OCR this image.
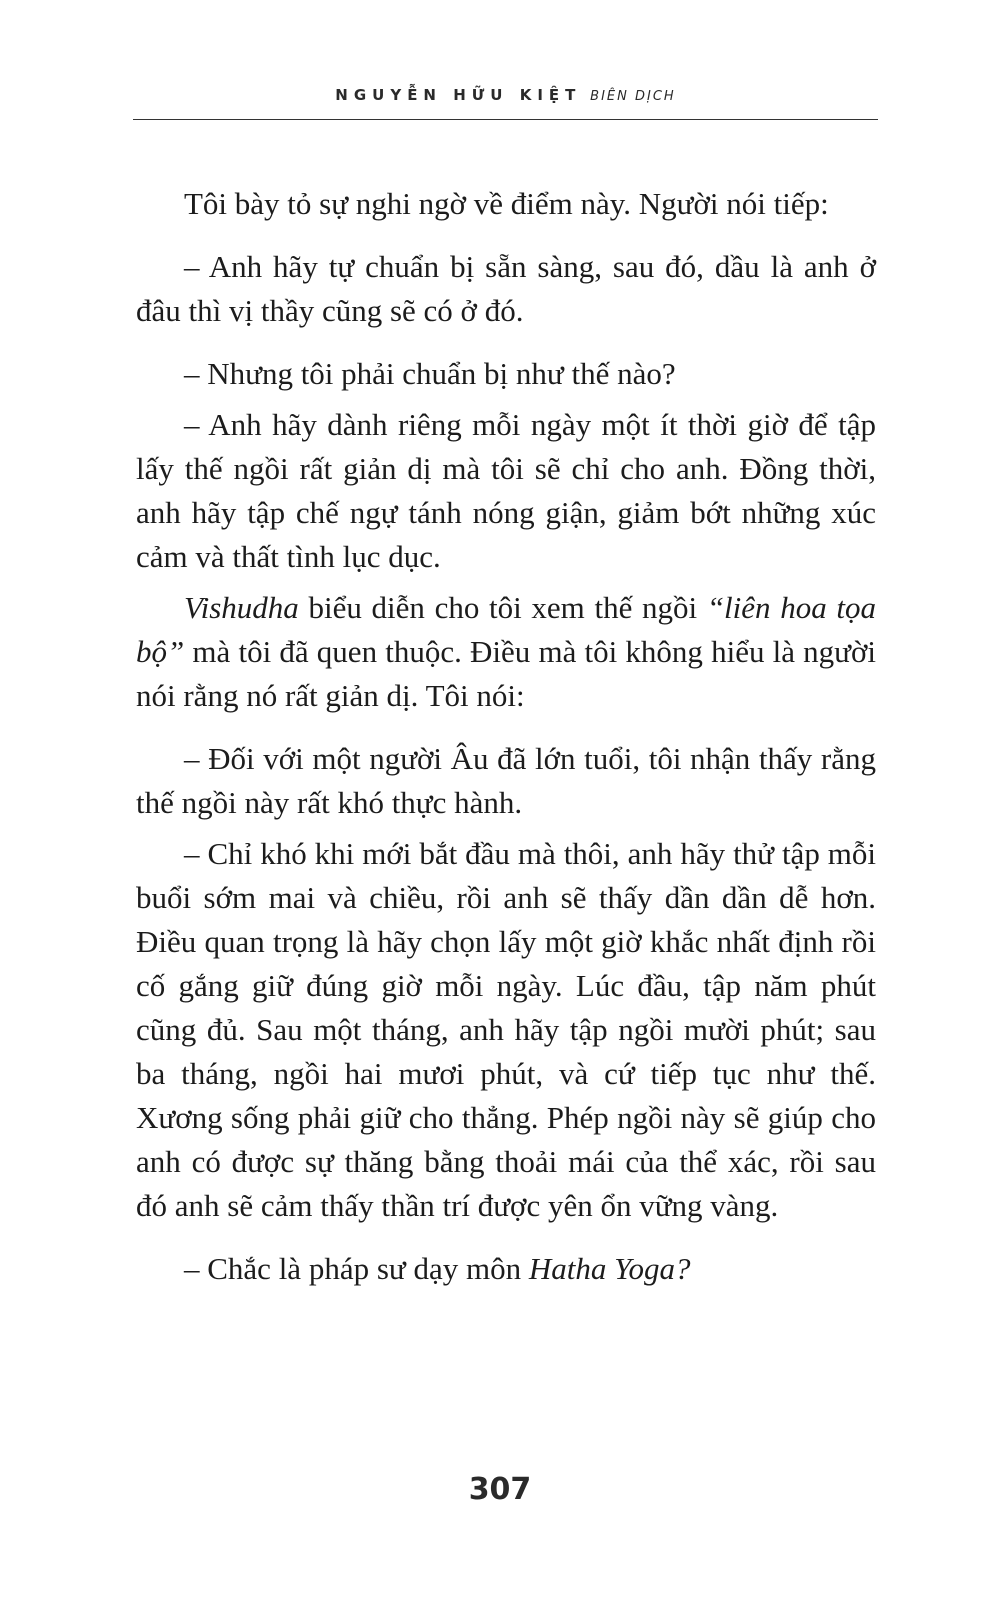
NGUYỄN HỮU KIỆT BIÊN DỊCH

Tôi bày tỏ sự nghi ngờ về điểm này. Người nói tiếp:

– Anh hãy tự chuẩn bị sẵn sàng, sau đó, dầu là anh ở đâu thì vị thầy cũng sẽ có ở đó.

– Nhưng tôi phải chuẩn bị như thế nào?

– Anh hãy dành riêng mỗi ngày một ít thời giờ để tập lấy thế ngồi rất giản dị mà tôi sẽ chỉ cho anh. Đồng thời, anh hãy tập chế ngự tánh nóng giận, giảm bớt những xúc cảm và thất tình lục dục.

Vishudha biểu diễn cho tôi xem thế ngồi “liên hoa tọa bộ” mà tôi đã quen thuộc. Điều mà tôi không hiểu là người nói rằng nó rất giản dị. Tôi nói:

– Đối với một người Âu đã lớn tuổi, tôi nhận thấy rằng thế ngồi này rất khó thực hành.

– Chỉ khó khi mới bắt đầu mà thôi, anh hãy thử tập mỗi buổi sớm mai và chiều, rồi anh sẽ thấy dần dần dễ hơn. Điều quan trọng là hãy chọn lấy một giờ khắc nhất định rồi cố gắng giữ đúng giờ mỗi ngày. Lúc đầu, tập năm phút cũng đủ. Sau một tháng, anh hãy tập ngồi mười phút; sau ba tháng, ngồi hai mươi phút, và cứ tiếp tục như thế. Xương sống phải giữ cho thẳng. Phép ngồi này sẽ giúp cho anh có được sự thăng bằng thoải mái của thể xác, rồi sau đó anh sẽ cảm thấy thần trí được yên ổn vững vàng.

– Chắc là pháp sư dạy môn Hatha Yoga?

307
